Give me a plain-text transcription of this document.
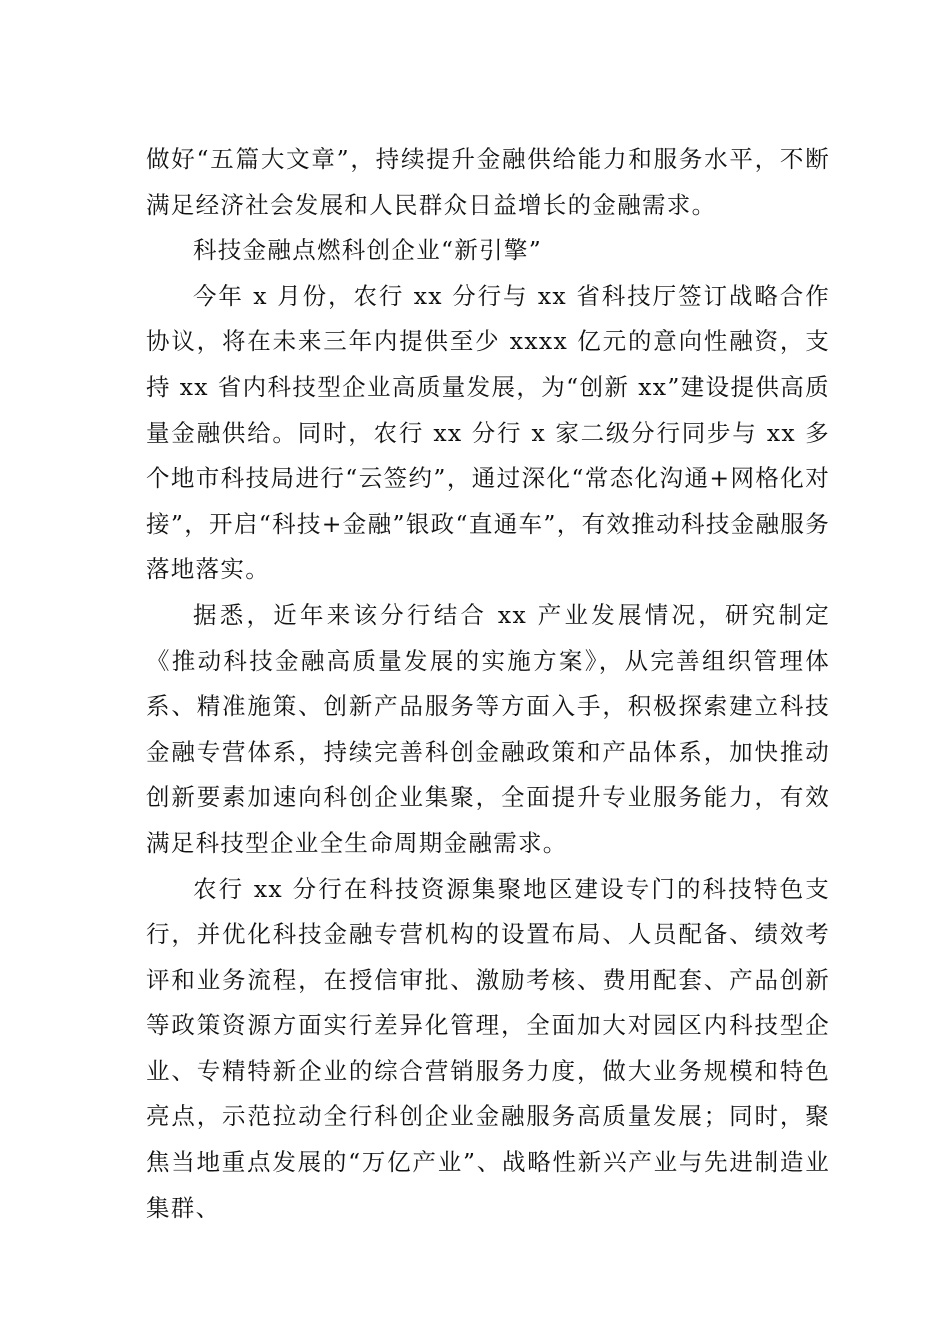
做好“五篇大文章”，持续提升金融供给能力和服务水平，不断满足经济社会发展和人民群众日益增长的金融需求。

科技金融点燃科创企业“新引擎”

今年 x 月份，农行 xx 分行与 xx 省科技厅签订战略合作协议，将在未来三年内提供至少 xxxx 亿元的意向性融资，支持 xx 省内科技型企业高质量发展，为“创新 xx”建设提供高质量金融供给。同时，农行 xx 分行 x 家二级分行同步与 xx 多个地市科技局进行“云签约”，通过深化“常态化沟通+网格化对接”，开启“科技+金融”银政“直通车”，有效推动科技金融服务落地落实。

据悉，近年来该分行结合 xx 产业发展情况，研究制定《推动科技金融高质量发展的实施方案》，从完善组织管理体系、精准施策、创新产品服务等方面入手，积极探索建立科技金融专营体系，持续完善科创金融政策和产品体系，加快推动创新要素加速向科创企业集聚，全面提升专业服务能力，有效满足科技型企业全生命周期金融需求。

农行 xx 分行在科技资源集聚地区建设专门的科技特色支行，并优化科技金融专营机构的设置布局、人员配备、绩效考评和业务流程，在授信审批、激励考核、费用配套、产品创新等政策资源方面实行差异化管理，全面加大对园区内科技型企业、专精特新企业的综合营销服务力度，做大业务规模和特色亮点，示范拉动全行科创企业金融服务高质量发展；同时，聚焦当地重点发展的“万亿产业”、战略性新兴产业与先进制造业集群、
